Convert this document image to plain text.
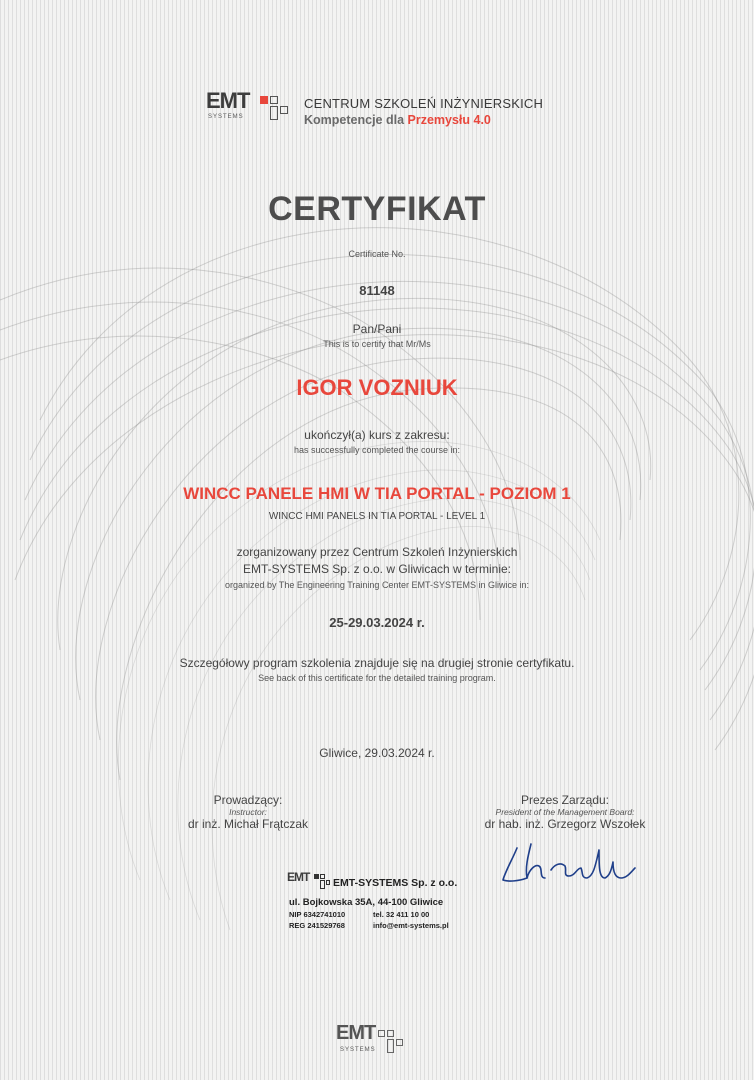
EMT
SYSTEMS
CENTRUM SZKOLEŃ INŻYNIERSKICH
Kompetencje dla Przemysłu 4.0
CERTYFIKAT
Certificate No.
81148
Pan/Pani
This is to certify that Mr/Ms
IGOR VOZNIUK
ukończył(a) kurs z zakresu:
has successfully completed the course in:
WINCC PANELE HMI W TIA PORTAL - POZIOM 1
WINCC HMI PANELS IN TIA PORTAL - LEVEL 1
zorganizowany przez Centrum Szkoleń Inżynierskich
EMT-SYSTEMS Sp. z o.o. w Gliwicach w terminie:
organized by The Engineering Training Center EMT-SYSTEMS in Gliwice in:
25-29.03.2024 r.
Szczegółowy program szkolenia znajduje się na drugiej stronie certyfikatu.
See back of this certificate for the detailed training program.
Gliwice, 29.03.2024 r.
Prowadzący:
Instructor:
dr inż. Michał Frątczak
Prezes Zarządu:
President of the Management Board:
dr hab. inż. Grzegorz Wszołek
EMT EMT-SYSTEMS Sp. z o.o.
ul. Bojkowska 35A, 44-100 Gliwice
NIP 6342741010	tel. 32 411 10 00
REG 241529768	info@emt-systems.pl
EMT
SYSTEMS
